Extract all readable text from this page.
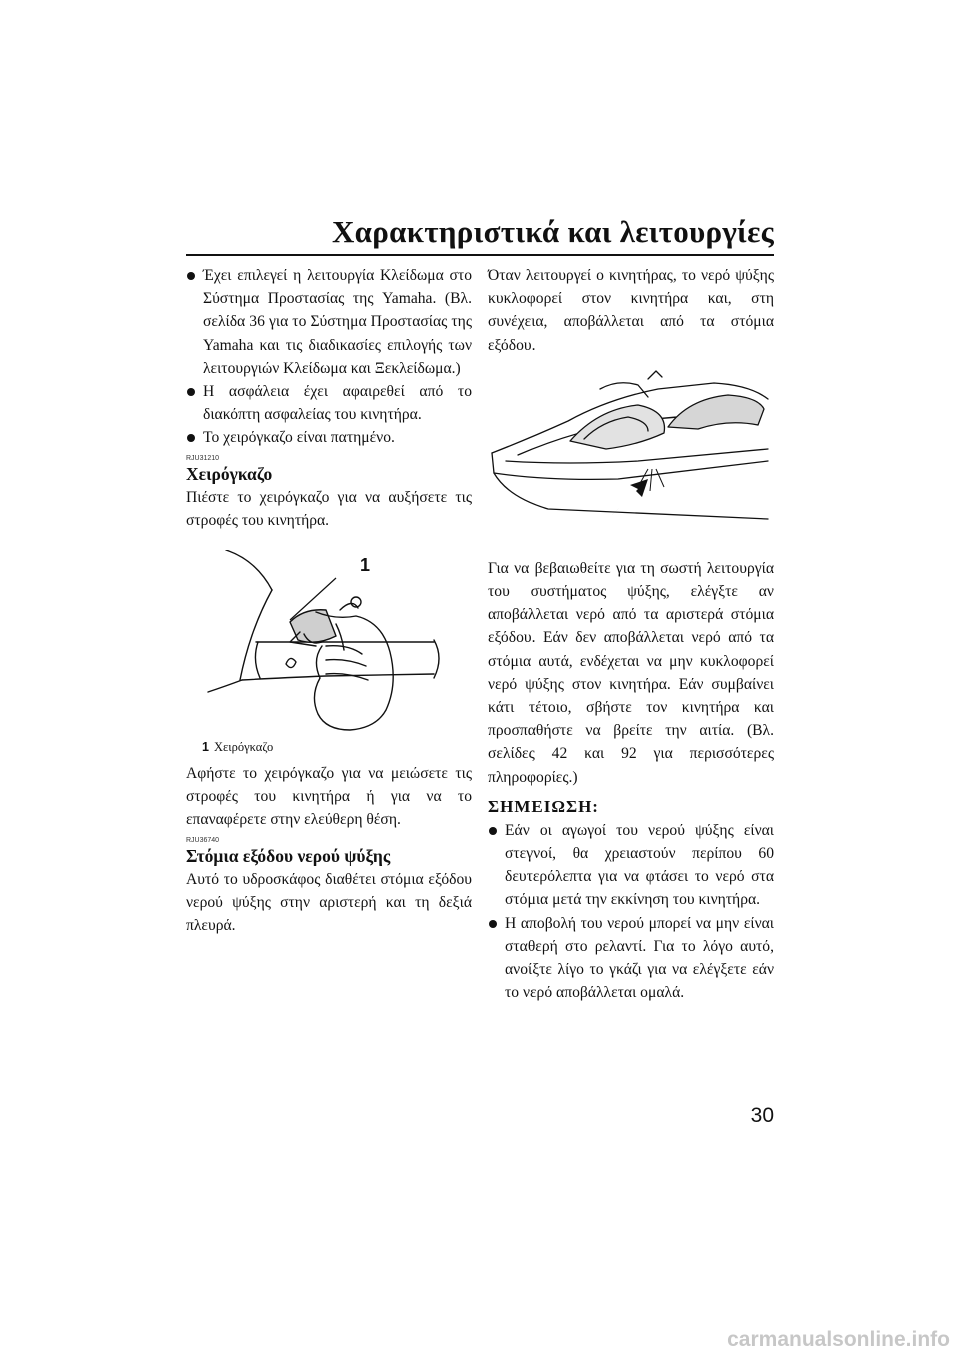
Χαρακτηριστικά και λειτουργίες
Έχει επιλεγεί η λειτουργία Κλείδωμα στο Σύστημα Προστασίας της Yamaha. (Βλ. σελίδα 36 για το Σύστημα Προστασίας της Yamaha και τις διαδικασίες επιλογής των λειτουργιών Κλείδωμα και Ξεκλείδωμα.)
Η ασφάλεια έχει αφαιρεθεί από το διακόπτη ασφαλείας του κινητήρα.
Το χειρόγκαζο είναι πατημένο.
RJU31210
Χειρόγκαζο

Πιέστε το χειρόγκαζο για να αυξήσετε τις στροφές του κινητήρα.

1
1 Χειρόγκαζο

Αφήστε το χειρόγκαζο για να μειώσετε τις στροφές του κινητήρα ή για να το επαναφέρετε στην ελεύθερη θέση.

RJU36740
Στόμια εξόδου νερού ψύξης

Αυτό το υδροσκάφος διαθέτει στόμια εξόδου νερού ψύξης στην αριστερή και τη δεξιά πλευρά.

Όταν λειτουργεί ο κινητήρας, το νερό ψύξης κυκλοφορεί στον κινητήρα και, στη συνέχεια, αποβάλλεται από τα στόμια εξόδου.

Για να βεβαιωθείτε για τη σωστή λειτουργία του συστήματος ψύξης, ελέγξτε αν αποβάλλεται νερό από τα αριστερά στόμια εξόδου. Εάν δεν αποβάλλεται νερό από τα στόμια αυτά, ενδέχεται να μην κυκλοφορεί νερό ψύξης στον κινητήρα. Εάν συμβαίνει κάτι τέτοιο, σβήστε τον κινητήρα και προσπαθήστε να βρείτε την αιτία. (Βλ. σελίδες 42 και 92 για περισσότερες πληροφορίες.)

ΣΗΜΕΙΩΣΗ:
Εάν οι αγωγοί του νερού ψύξης είναι στεγνοί, θα χρειαστούν περίπου 60 δευτερόλεπτα για να φτάσει το νερό στα στόμια μετά την εκκίνηση του κινητήρα.
Η αποβολή του νερού μπορεί να μην είναι σταθερή στο ρελαντί. Για το λόγο αυτό, ανοίξτε λίγο το γκάζι για να ελέγξετε εάν το νερό αποβάλλεται ομαλά.
30
carmanualsonline.info
